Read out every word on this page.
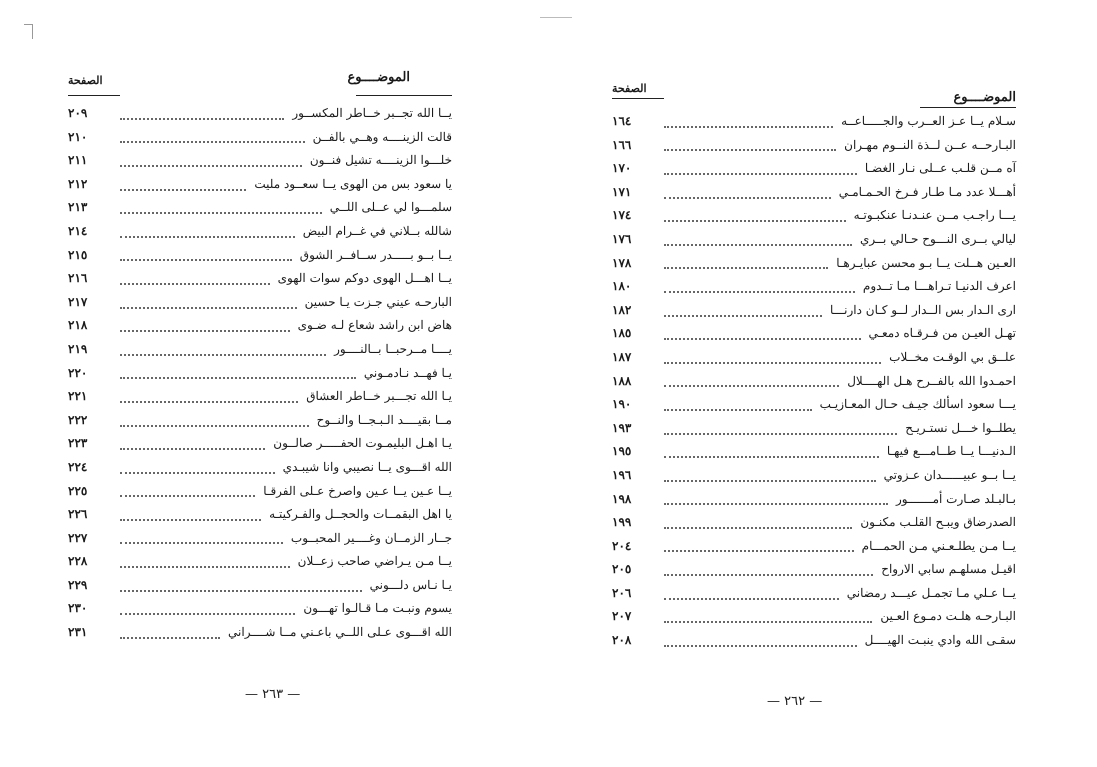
الموضــــوع
الصفحة
يــا الله تجــبر خــاطر المكســور
٢٠٩
قالت الزينــــه وهــي بالفــن
٢١٠
خلـــوا الزينــــه تشيل فنــون
٢١١
يا سعود بس من الهوى يــا سعــود مليت
٢١٢
سلمـــوا لي عــلى اللــي
٢١٣
شالله بــلاني في غــرام البيض
٢١٤
يــا بــو بـــــدر ســافــر الشوق
٢١٥
يــا اهـــل الهوى دوكم سوات الهوى
٢١٦
البارحـه عيني جـزت يـا حسين
٢١٧
هاض ابن راشد شعاع لـه ضـوى
٢١٨
يــــا مــرحبــا بــالنــــور
٢١٩
يـا فهــد نـادمـوني
٢٢٠
يـا الله تجـــبر خــاطر العشاق
٢٢١
مــا بقيــــد الـبـجــا والنــوح
٢٢٢
يـا اهـل البليمـوت الحفـــــر صالــون
٢٢٣
الله اقـــوى يــا نصيبي وانا شيبـدي
٢٢٤
يــا عـين يــا عـين واصرخ عـلى الفرقـا
٢٢٥
يا اهل البقمــات والحجــل والفـركيتـه
٢٢٦
جــار الزمــان وغــــير المحبــوب
٢٢٧
يــا مـن يـراضي صاحب زعــلان
٢٢٨
يـا نـاس دلـــوني
٢٢٩
يسوم ونبـت مـا قـالـوا تهـــون
٢٣٠
الله اقـــوى عـلى اللــي باعـني مــا شــــراني
٢٣١
— ٢٦٣ —
الموضــــوع
الصفحة
سـلام يــا عـز العــرب والجـــــاعــه
١٦٤
البـارحــه عــن لــذة النــوم مهـران
١٦٦
آه مــن قلـب عــلى نـار الغضـا
١٧٠
أهـــلا عدد مـا طـار فـرخ الحـمـامـي
١٧١
يـــا راجـب مــن عنـدنـا عنكبـوتـه
١٧٤
ليالي بــرى النـــوح حـالي بــري
١٧٦
العـين هــلت يــا بـو محسن عبايـرهـا
١٧٨
اعرف الدنيـا تـراهـــا مـا تــدوم
١٨٠
ارى الـدار بس الــدار لــو كـان دارنـــا
١٨٢
تهـل العيـن من فـرقـاه دمعـي
١٨٥
علــق بي الوقـت مخــلاب
١٨٧
احمـدوا الله بالفــرح هـل الهــــلال
١٨٨
يـــا سعود اسألك جيـف حـال المعـازيـب
١٩٠
يطلــوا خـــل نستـريـح
١٩٣
الـدنيـــا يــا طــامـــع فيهـا
١٩٥
يــا بــو عبيــــــدان عـزوتي
١٩٦
بـالبـلد صـارت أمـــــــور
١٩٨
الصدرضاق ويبـح القلـب مكنـون
١٩٩
يــا مـن يطلـعـني مـن الحمـــام
٢٠٤
اقيـل مسلهـم سابي الارواح
٢٠٥
يــا عـلي مـا تجمـل عيـــد رمضاني
٢٠٦
البـارحـه هلـت دمـوع العـين
٢٠٧
سقـى الله وادي ينبـت الهيــــل
٢٠٨
— ٢٦٢ —
